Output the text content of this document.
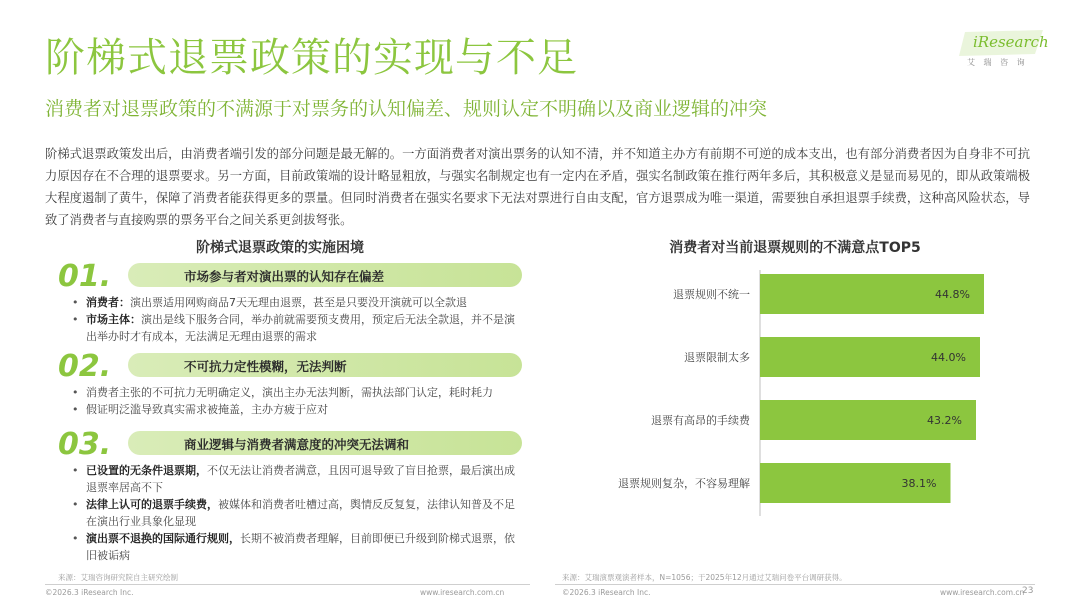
阶梯式退票政策的实现与不足	iResearch
艾 瑞 咨 询
消费者对退票政策的不满源于对票务的认知偏差、规则认定不明确以及商业逻辑的冲突
阶梯式退票政策发出后，由消费者端引发的部分问题是最无解的。一方面消费者对演出票务的认知不清，并不知道主办方有前期不可逆的成本支出，也有部分消费者因为自身非不可抗力原因存在不合理的退票要求。另一方面，目前政策端的设计略显粗放，与强实名制规定也有一定内在矛盾，强实名制政策在推行两年多后，其积极意义是显而易见的，即从政策端极大程度遏制了黄牛，保障了消费者能获得更多的票量。但同时消费者在强实名要求下无法对票进行自由支配，官方退票成为唯一渠道，需要独自承担退票手续费，这种高风险状态，导致了消费者与直接购票的票务平台之间关系更剑拔弩张。
阶梯式退票政策的实施困境
01.	市场参与者对演出票的认知存在偏差
• 消费者：演出票适用网购商品7天无理由退票，甚至是只要没开演就可以全款退
• 市场主体：演出是线下服务合同，举办前就需要预支费用，预定后无法全款退，并不是演出举办时才有成本，无法满足无理由退票的需求
02.	不可抗力定性模糊，无法判断
• 消费者主张的不可抗力无明确定义，演出主办无法判断，需执法部门认定，耗时耗力
• 假证明泛滥导致真实需求被掩盖，主办方疲于应对
03.	商业逻辑与消费者满意度的冲突无法调和
• 已设置的无条件退票期，不仅无法让消费者满意，且因可退导致了盲目抢票，最后演出成退票率居高不下
• 法律上认可的退票手续费，被媒体和消费者吐槽过高，舆情反反复复，法律认知普及不足在演出行业具象化显现
• 演出票不退换的国际通行规则，长期不被消费者理解，目前即便已升级到阶梯式退票，依旧被诟病
消费者对当前退票规则的不满意点TOP5
退票规则不统一	44.8%
退票限制太多	44.0%
退票有高昂的手续费	43.2%
退票规则复杂，不容易理解	38.1%
来源：艾瑞咨询研究院自主研究绘制	来源：艾瑞演票观演者样本，N=1056；于2025年12月通过艾瑞问卷平台调研获得。
©2026.3 iResearch Inc.	www.iresearch.com.cn	©2026.3 iResearch Inc.	www.iresearch.com.cn
23
